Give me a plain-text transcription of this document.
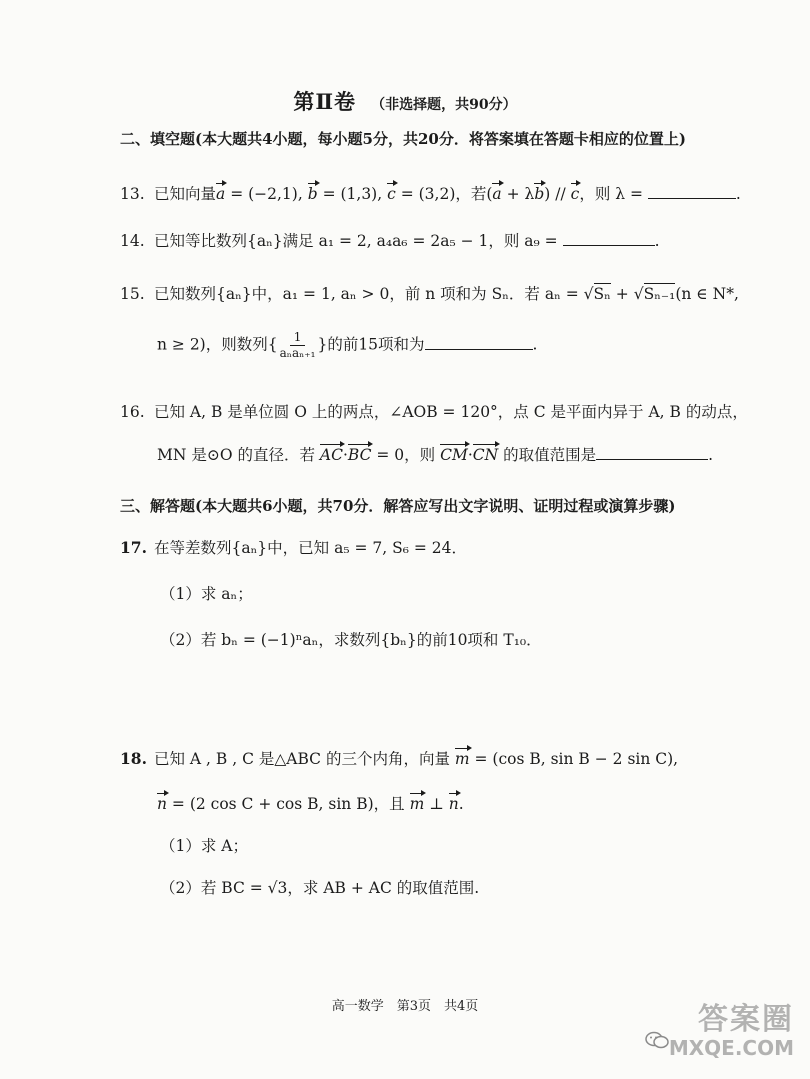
第Ⅱ卷 （非选择题，共90分）
二、填空题(本大题共4小题，每小题5分，共20分．将答案填在答题卡相应的位置上)
13. 已知向量a = (−2,1), b = (1,3), c = (3,2)，若(a + λb) // c，则 λ =	.
14. 已知等比数列{aₙ}满足 a₁ = 2, a₄a₆ = 2a₅ − 1，则 a₉ =	.
15. 已知数列{aₙ}中，a₁ = 1, aₙ > 0，前 n 项和为 Sₙ．若 aₙ = √Sₙ + √Sₙ₋₁(n ∈ N*,
n ≥ 2)，则数列{ $\frac{1}{\text{aₙaₙ₊₁}}$ }的前15项和为	.
16. 已知 A, B 是单位圆 O 上的两点，∠AOB = 120°，点 C 是平面内异于 A, B 的动点，
MN 是⊙O 的直径．若 AC·BC = 0，则 CM·CN 的取值范围是	.
三、解答题(本大题共6小题，共70分．解答应写出文字说明、证明过程或演算步骤)
17. 在等差数列{aₙ}中，已知 a₅ = 7, S₆ = 24．
（1）求 aₙ；
（2）若 bₙ = (−1)ⁿaₙ，求数列{bₙ}的前10项和 T₁₀．
18. 已知 A , B , C 是△ABC 的三个内角，向量 m = (cos B, sin B − 2 sin C),
n = (2 cos C + cos B, sin B)，且 m ⊥ n.
（1）求 A；
（2）若 BC = √3，求 AB + AC 的取值范围.
高一数学　第3页　共4页	答案圈
MXQE.COM
